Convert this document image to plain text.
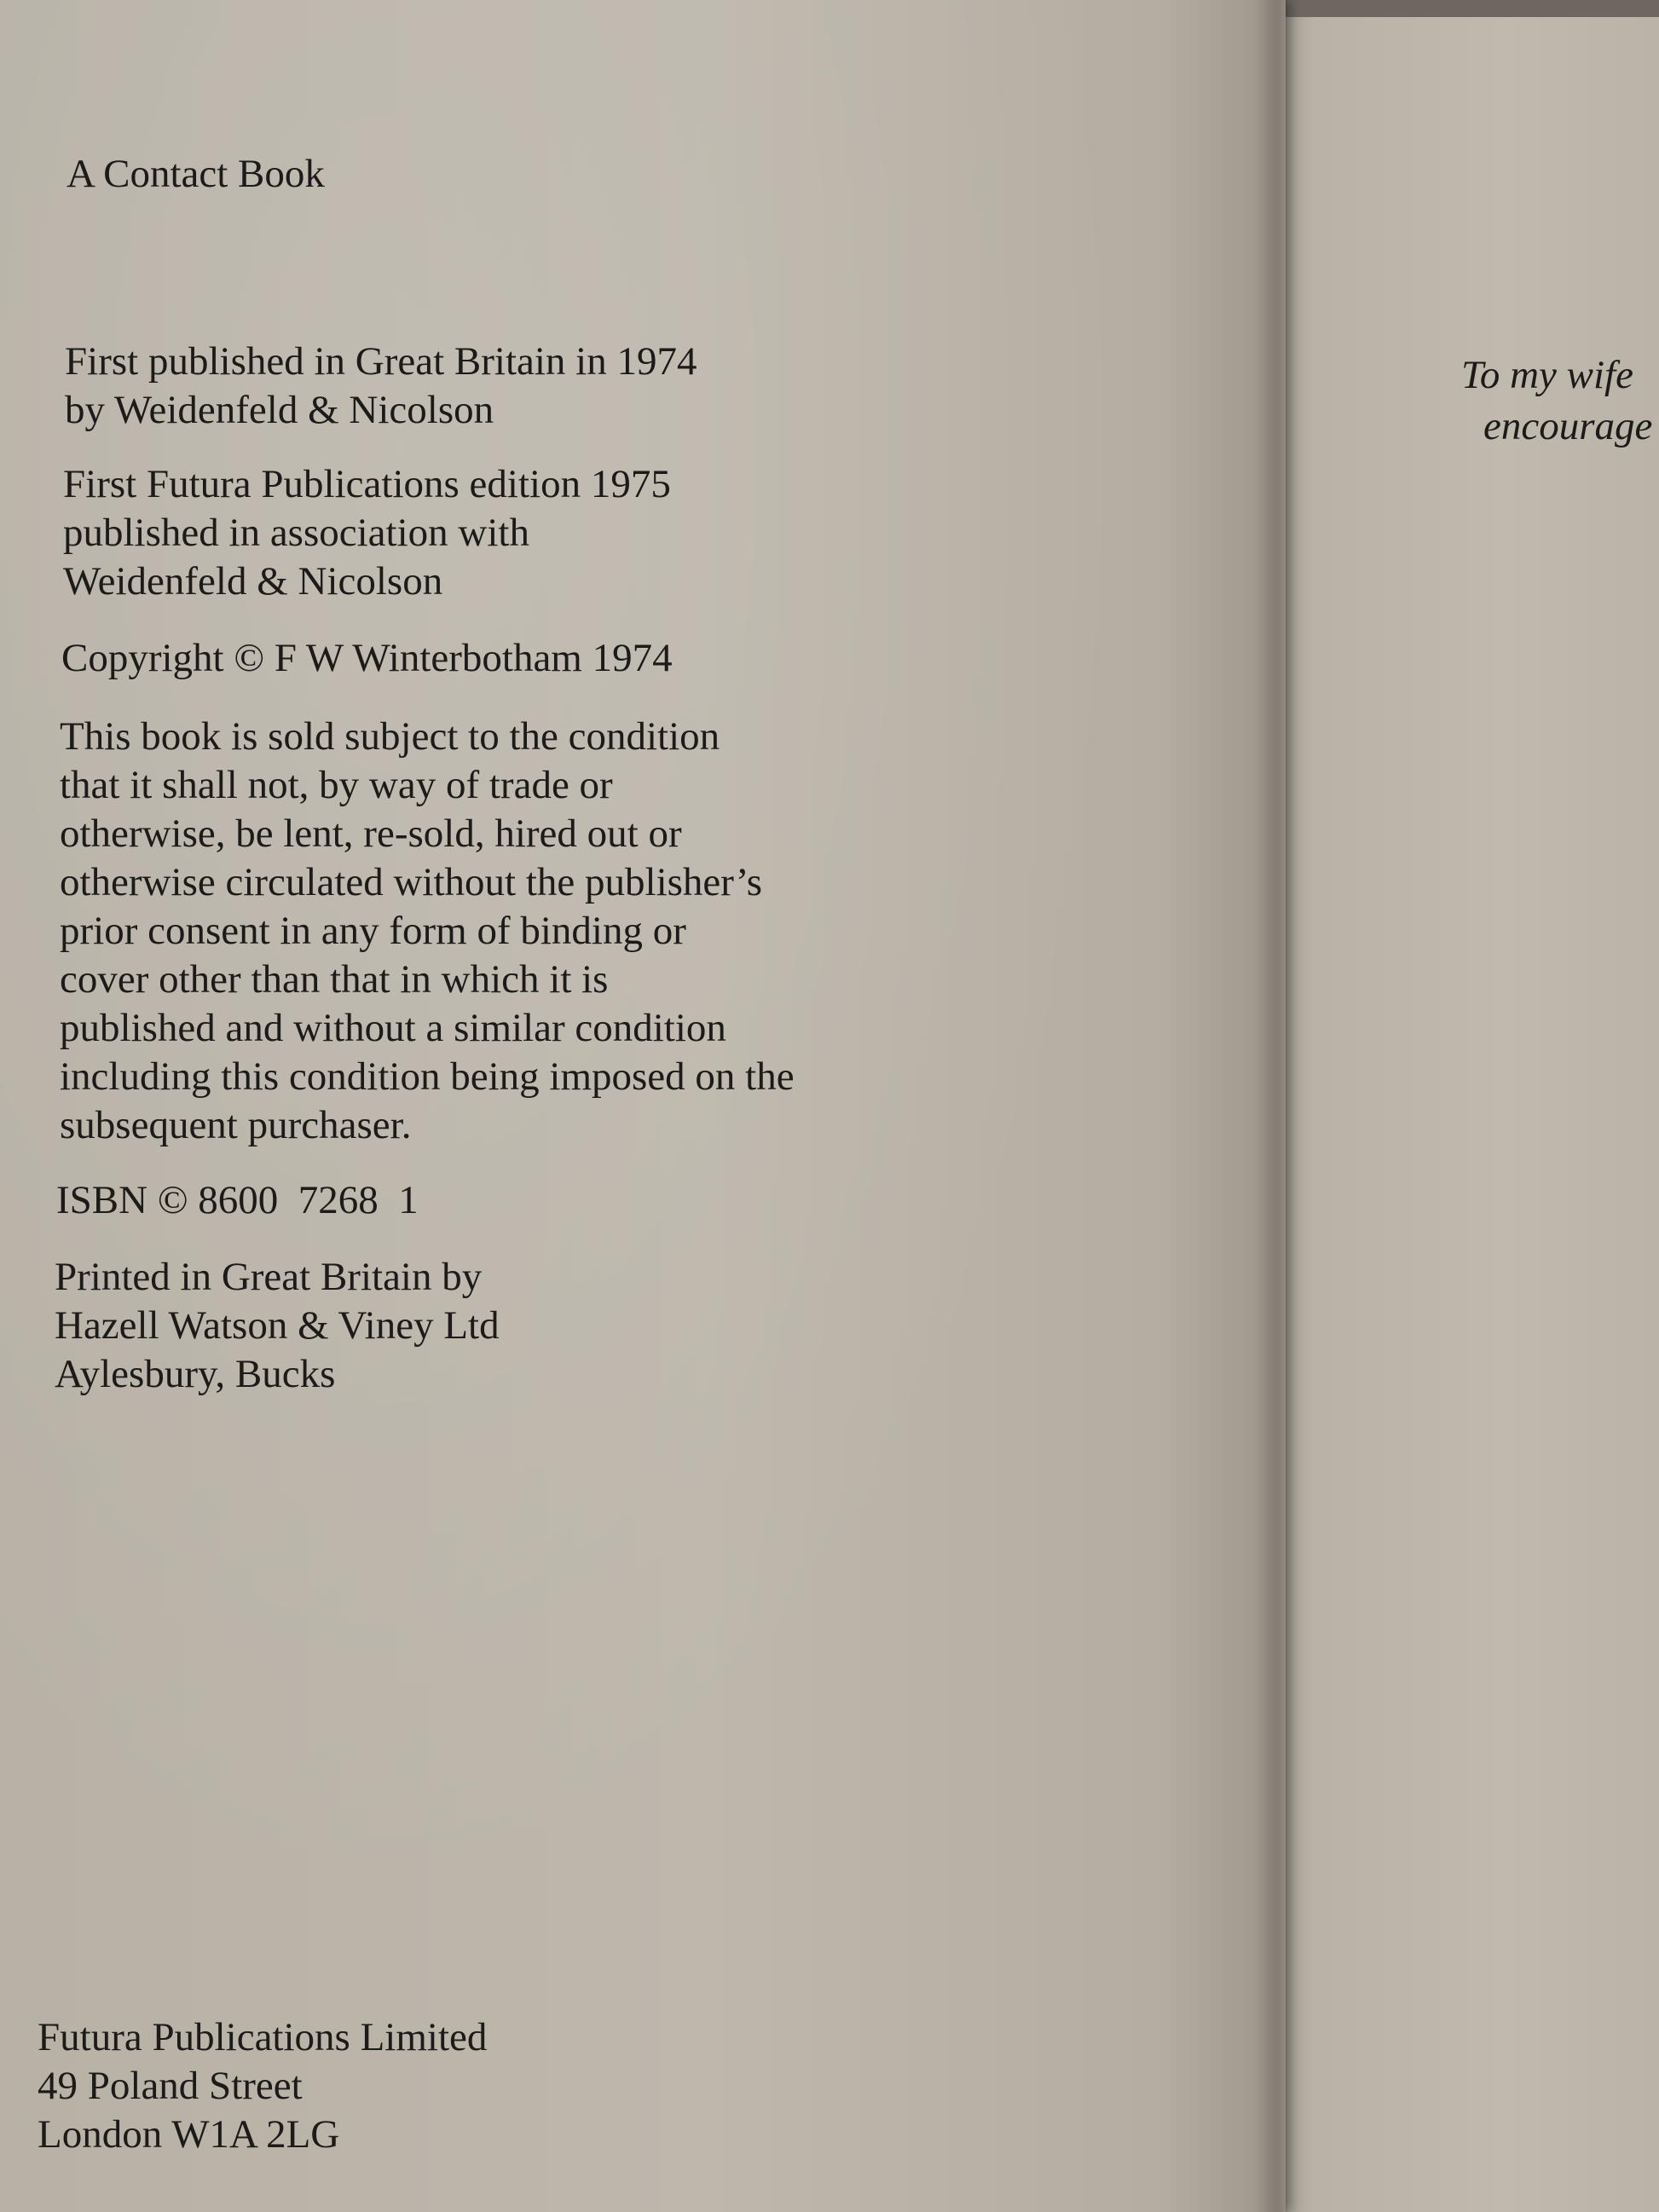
A Contact Book
First published in Great Britain in 1974
by Weidenfeld & Nicolson
First Futura Publications edition 1975
published in association with
Weidenfeld & Nicolson
Copyright © F W Winterbotham 1974
This book is sold subject to the condition
that it shall not, by way of trade or
otherwise, be lent, re-sold, hired out or
otherwise circulated without the publisher’s
prior consent in any form of binding or
cover other than that in which it is
published and without a similar condition
including this condition being imposed on the
subsequent purchaser.
ISBN © 8600  7268  1
Printed in Great Britain by
Hazell Watson & Viney Ltd
Aylesbury, Bucks
Futura Publications Limited
49 Poland Street
London W1A 2LG
To my wife
encourage
